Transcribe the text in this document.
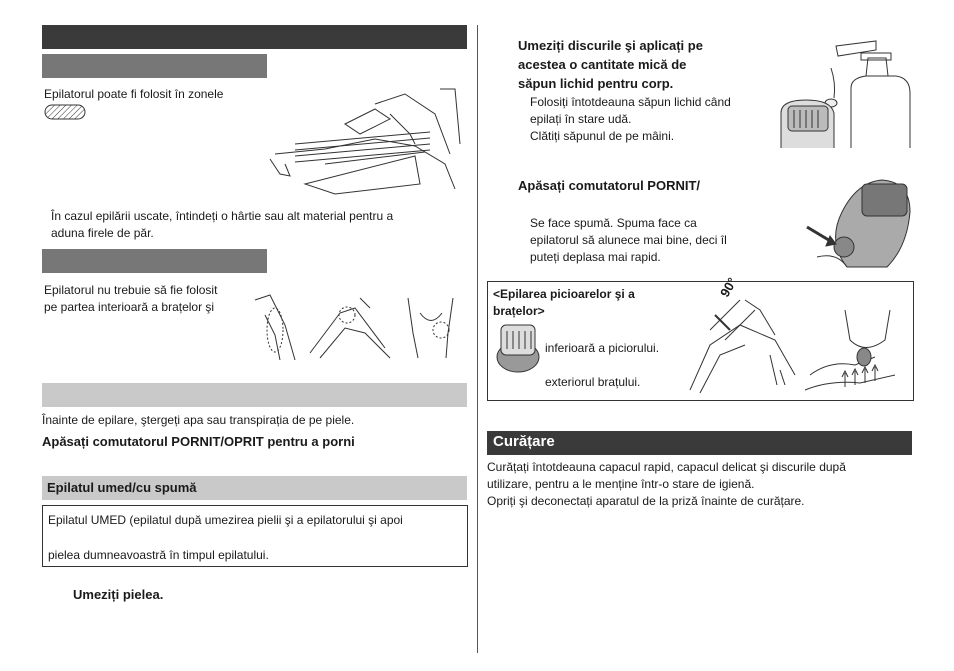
Epilatorul poate fi folosit în zonele
În cazul epilării uscate, întindeți o hârtie sau alt material pentru a
aduna firele de păr.
Epilatorul nu trebuie să fie folosit
pe partea interioară a brațelor şi
Înainte de epilare, ştergeți apa sau transpirația de pe piele.
Apăsați comutatorul PORNIT/OPRIT pentru a porni
Epilatul umed/cu spumă
Epilatul UMED (epilatul după umezirea pielii şi a epilatorului şi apoi
pielea dumneavoastră în timpul epilatului.
Umeziți pielea.
Umeziți discurile şi aplicați pe
acestea o cantitate mică de
săpun lichid pentru corp.
Folosiți întotdeauna săpun lichid când
epilați în stare udă.
Clătiți săpunul de pe mâini.
Apăsați comutatorul PORNIT/
Se face spumă. Spuma face ca
epilatorul să alunece mai bine, deci îl
puteți deplasa mai rapid.
<Epilarea picioarelor şi a
brațelor>
inferioară a piciorului.
exteriorul brațului.
90°
Curățare
Curățați întotdeauna capacul rapid, capacul delicat şi discurile după
utilizare, pentru a le menține într-o stare de igienă.
Opriți şi deconectați aparatul de la priză înainte de curățare.
